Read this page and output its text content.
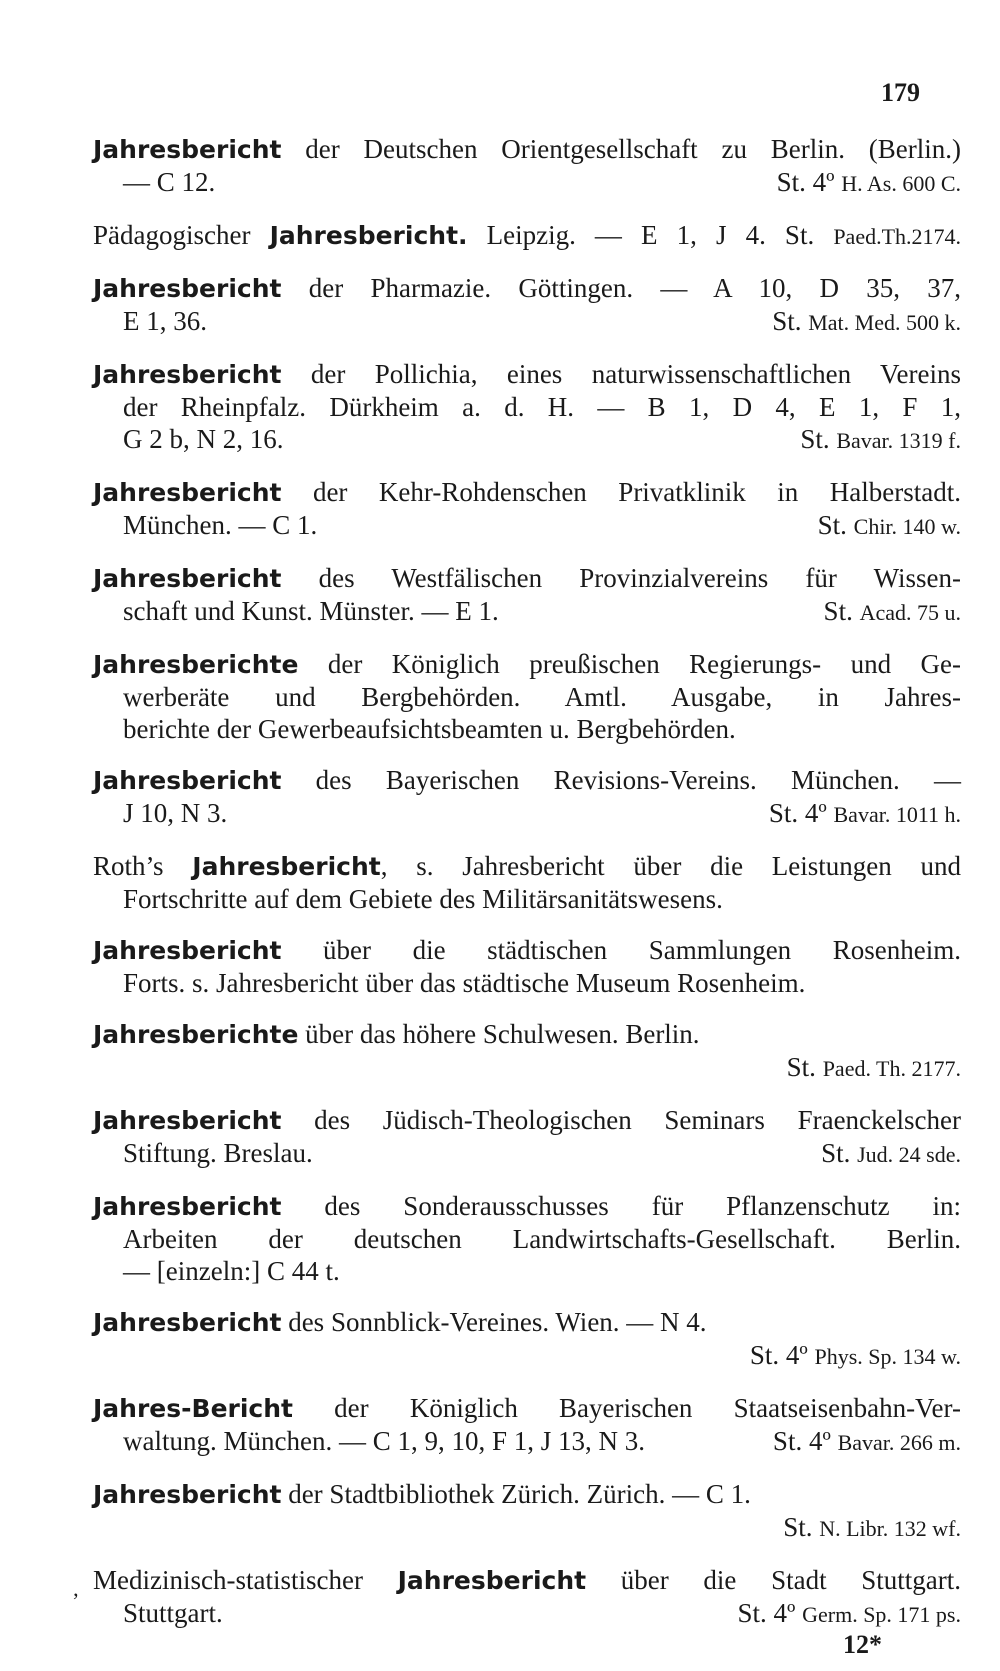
179
Jahresbericht der Deutschen Orientgesellschaft zu Berlin. (Berlin.)
— C 12.	St. 4º H. As. 600 C.
Pädagogischer Jahresbericht. Leipzig. — E 1, J 4. St. Paed.Th.2174.
Jahresbericht der Pharmazie. Göttingen. — A 10, D 35, 37,
E 1, 36.	St. Mat. Med. 500 k.
Jahresbericht der Pollichia, eines naturwissenschaftlichen Vereins
der Rheinpfalz. Dürkheim a. d. H. — B 1, D 4, E 1, F 1,
G 2 b, N 2, 16.	St. Bavar. 1319 f.
Jahresbericht der Kehr-Rohdenschen Privatklinik in Halberstadt.
München. — C 1.	St. Chir. 140 w.
Jahresbericht des Westfälischen Provinzialvereins für Wissen-
schaft und Kunst. Münster. — E 1.	St. Acad. 75 u.
Jahresberichte der Königlich preußischen Regierungs- und Ge-
werberäte und Bergbehörden. Amtl. Ausgabe, in Jahres-
berichte der Gewerbeaufsichtsbeamten u. Bergbehörden.
Jahresbericht des Bayerischen Revisions-Vereins. München. —
J 10, N 3.	St. 4º Bavar. 1011 h.
Roth’s Jahresbericht, s. Jahresbericht über die Leistungen und
Fortschritte auf dem Gebiete des Militärsanitätswesens.
Jahresbericht über die städtischen Sammlungen Rosenheim.
Forts. s. Jahresbericht über das städtische Museum Rosenheim.
Jahresberichte über das höhere Schulwesen. Berlin.
St. Paed. Th. 2177.
Jahresbericht des Jüdisch-Theologischen Seminars Fraenckelscher
Stiftung. Breslau.	St. Jud. 24 sde.
Jahresbericht des Sonderausschusses für Pflanzenschutz in:
Arbeiten der deutschen Landwirtschafts-Gesellschaft. Berlin.
— [einzeln:] C 44 t.
Jahresbericht des Sonnblick-Vereines. Wien. — N 4.
St. 4º Phys. Sp. 134 w.
Jahres-Bericht der Königlich Bayerischen Staatseisenbahn-Ver-
waltung. München. — C 1, 9, 10, F 1, J 13, N 3.	St. 4º Bavar. 266 m.
Jahresbericht der Stadtbibliothek Zürich. Zürich. — C 1.
St. N. Libr. 132 wf.
Medizinisch-statistischer Jahresbericht über die Stadt Stuttgart.
Stuttgart.	St. 4º Germ. Sp. 171 ps.
’
12*
